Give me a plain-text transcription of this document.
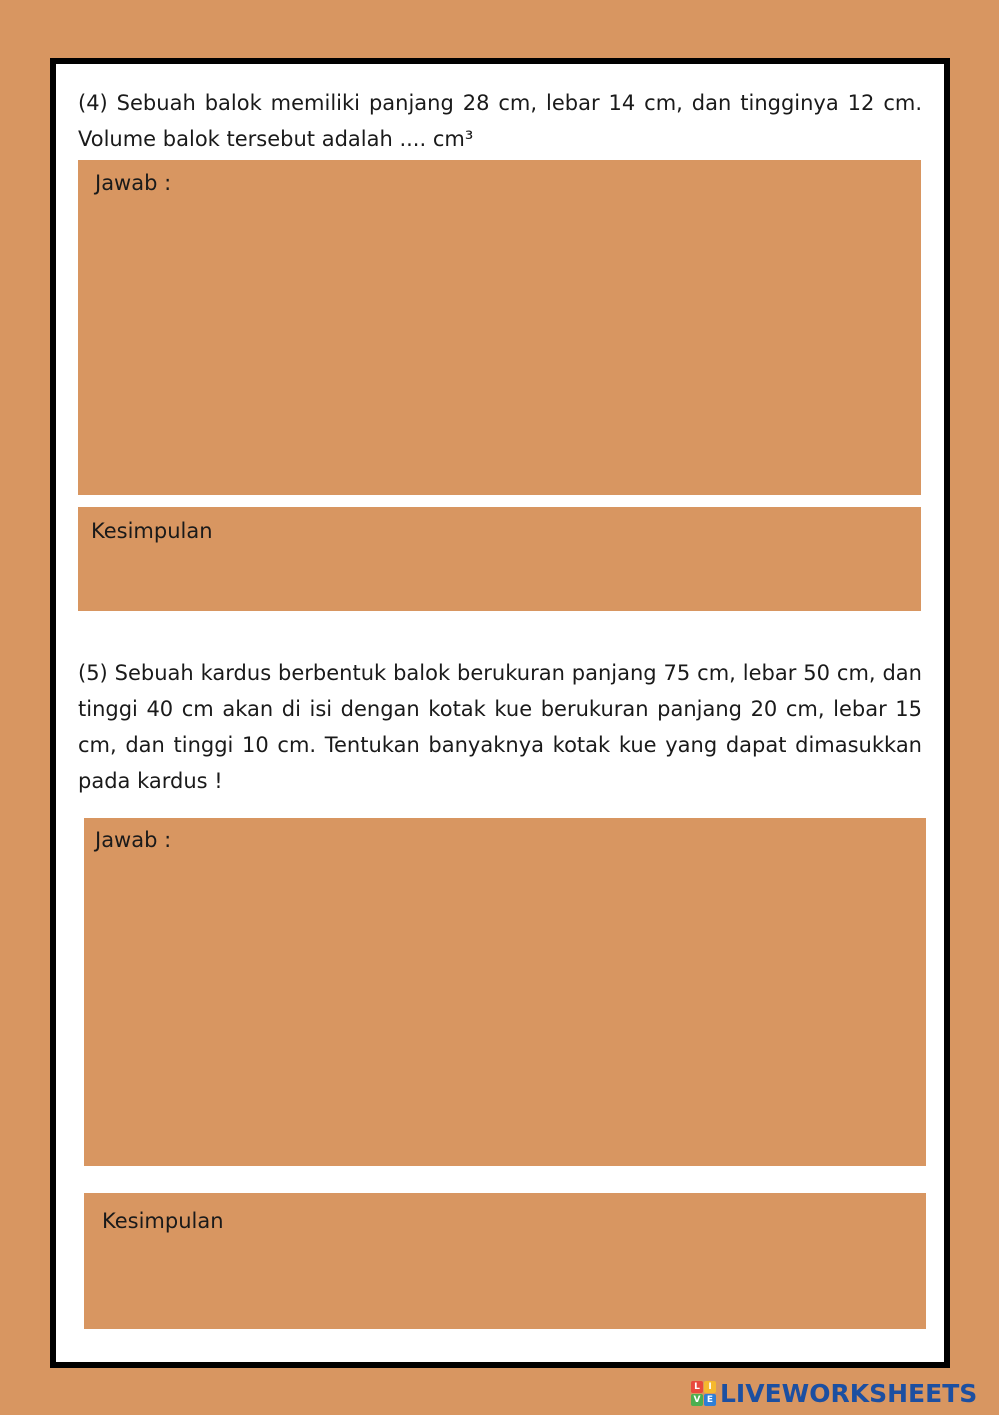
(4) Sebuah balok memiliki panjang 28 cm, lebar 14 cm, dan tingginya 12 cm. Volume balok tersebut adalah .... cm³

Jawab :
Kesimpulan

(5) Sebuah kardus berbentuk balok berukuran panjang 75 cm, lebar 50 cm, dan tinggi 40 cm akan di isi dengan kotak kue berukuran panjang 20 cm, lebar 15 cm, dan tinggi 10 cm. Tentukan banyaknya kotak kue yang dapat dimasukkan pada kardus !

Jawab :
Kesimpulan
L I
V E LIVEWORKSHEETS
